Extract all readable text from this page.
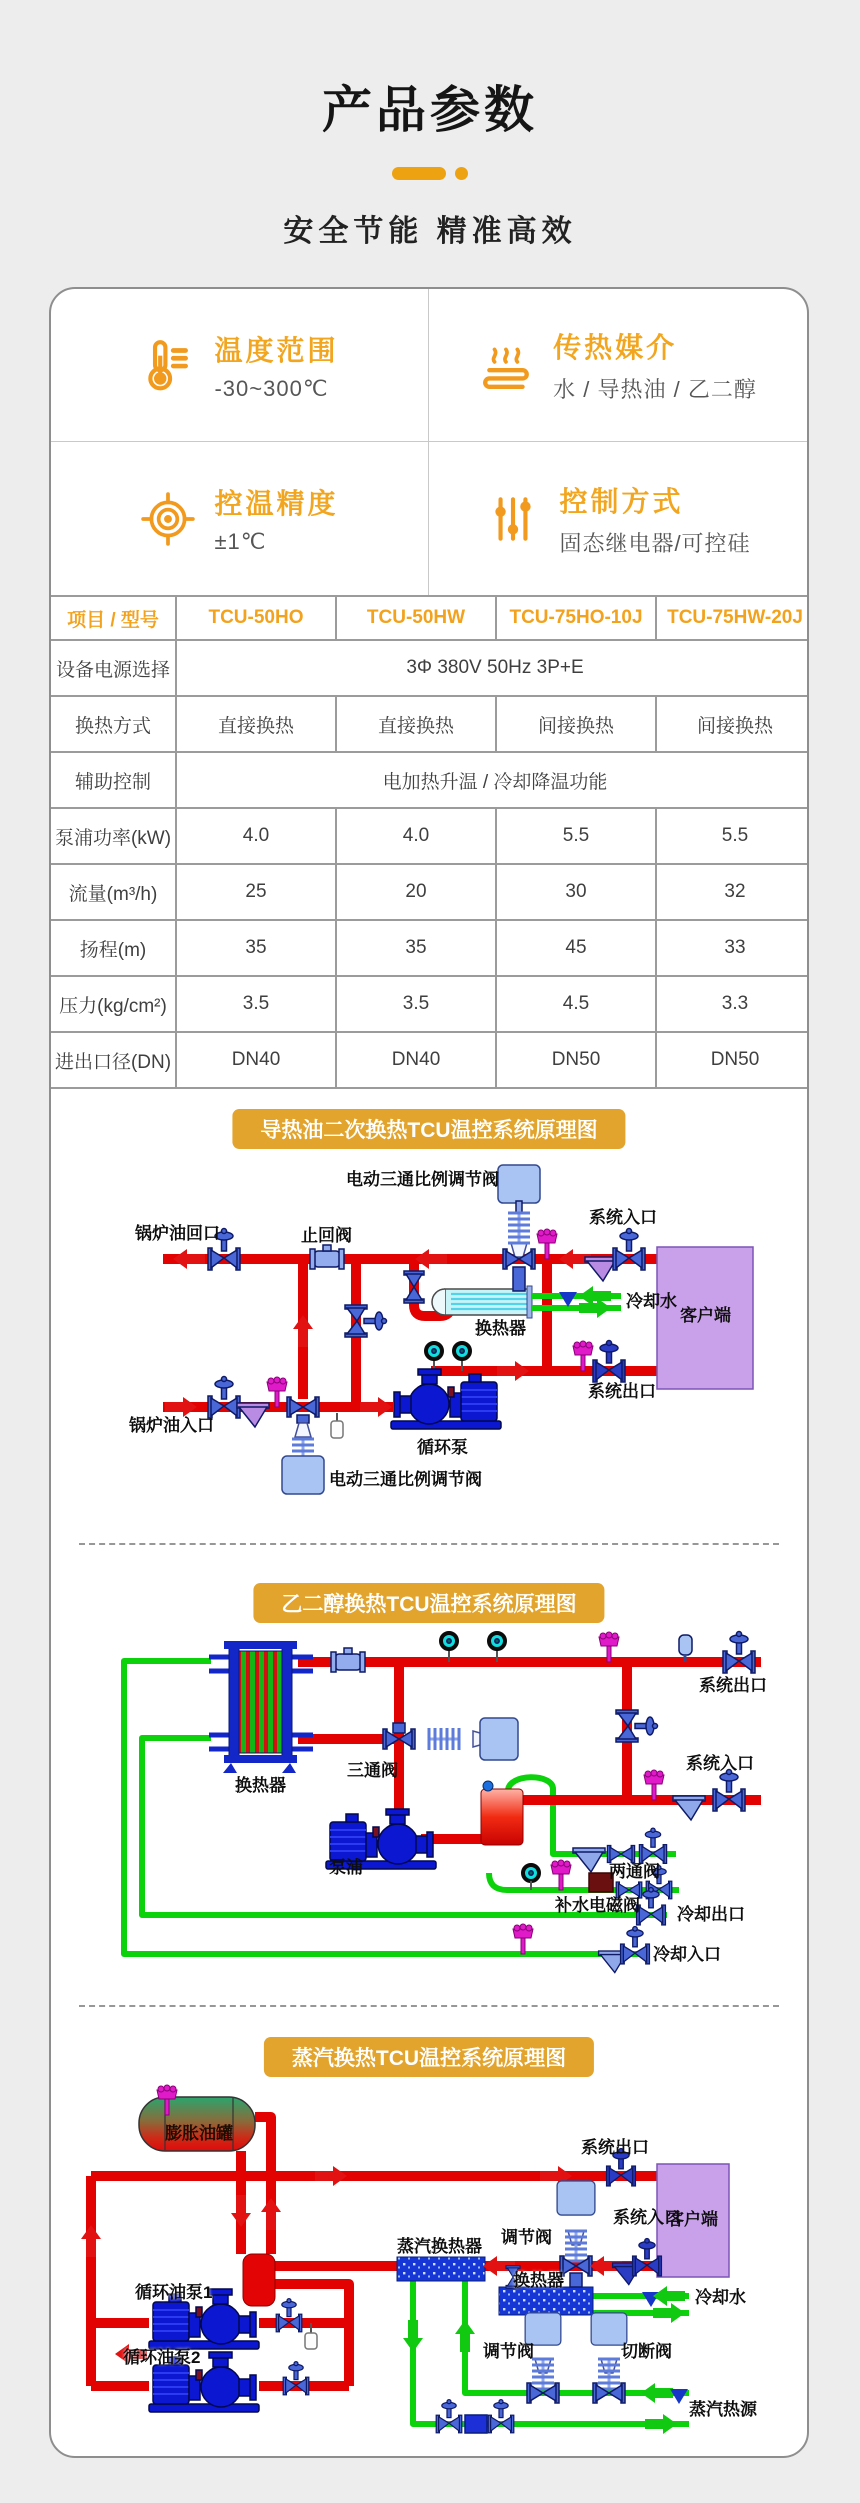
产品参数
安全节能 精准高效
温度范围
-30~300℃
传热媒介
水 / 导热油 / 乙二醇
控温精度
±1℃
控制方式
固态继电器/可控硅
项目 / 型号	TCU-50HO	TCU-50HW	TCU-75HO-10J	TCU-75HW-20J
设备电源选择	3Φ 380V 50Hz 3P+E			
换热方式	直接换热	直接换热	间接换热	间接换热
辅助控制	电加热升温 / 冷却降温功能			
泵浦功率(kW)	4.0	4.0	5.5	5.5
流量(m³/h)	25	20	30	32
扬程(m)	35	35	45	33
压力(kg/cm²)	3.5	3.5	4.5	3.3
进出口径(DN)	DN40	DN40	DN50	DN50
导热油二次换热TCU温控系统原理图
电动三通比例调节阀
锅炉油回口	止回阀
系统入口
冷却水
换热器
客户端
系统出口
锅炉油入口
循环泵
电动三通比例调节阀
乙二醇换热TCU温控系统原理图
换热器
三通阀
系统出口
系统入口
泵浦	两通阀
补水电磁阀 冷却出口
冷却入口
蒸汽换热TCU温控系统原理图
膨胀油罐
系统出口
客户端
调节阀
蒸汽换热器
换热器
系统入口
冷却水
循环油泵1
循环油泵2	调节阀	切断阀
蒸汽热源
